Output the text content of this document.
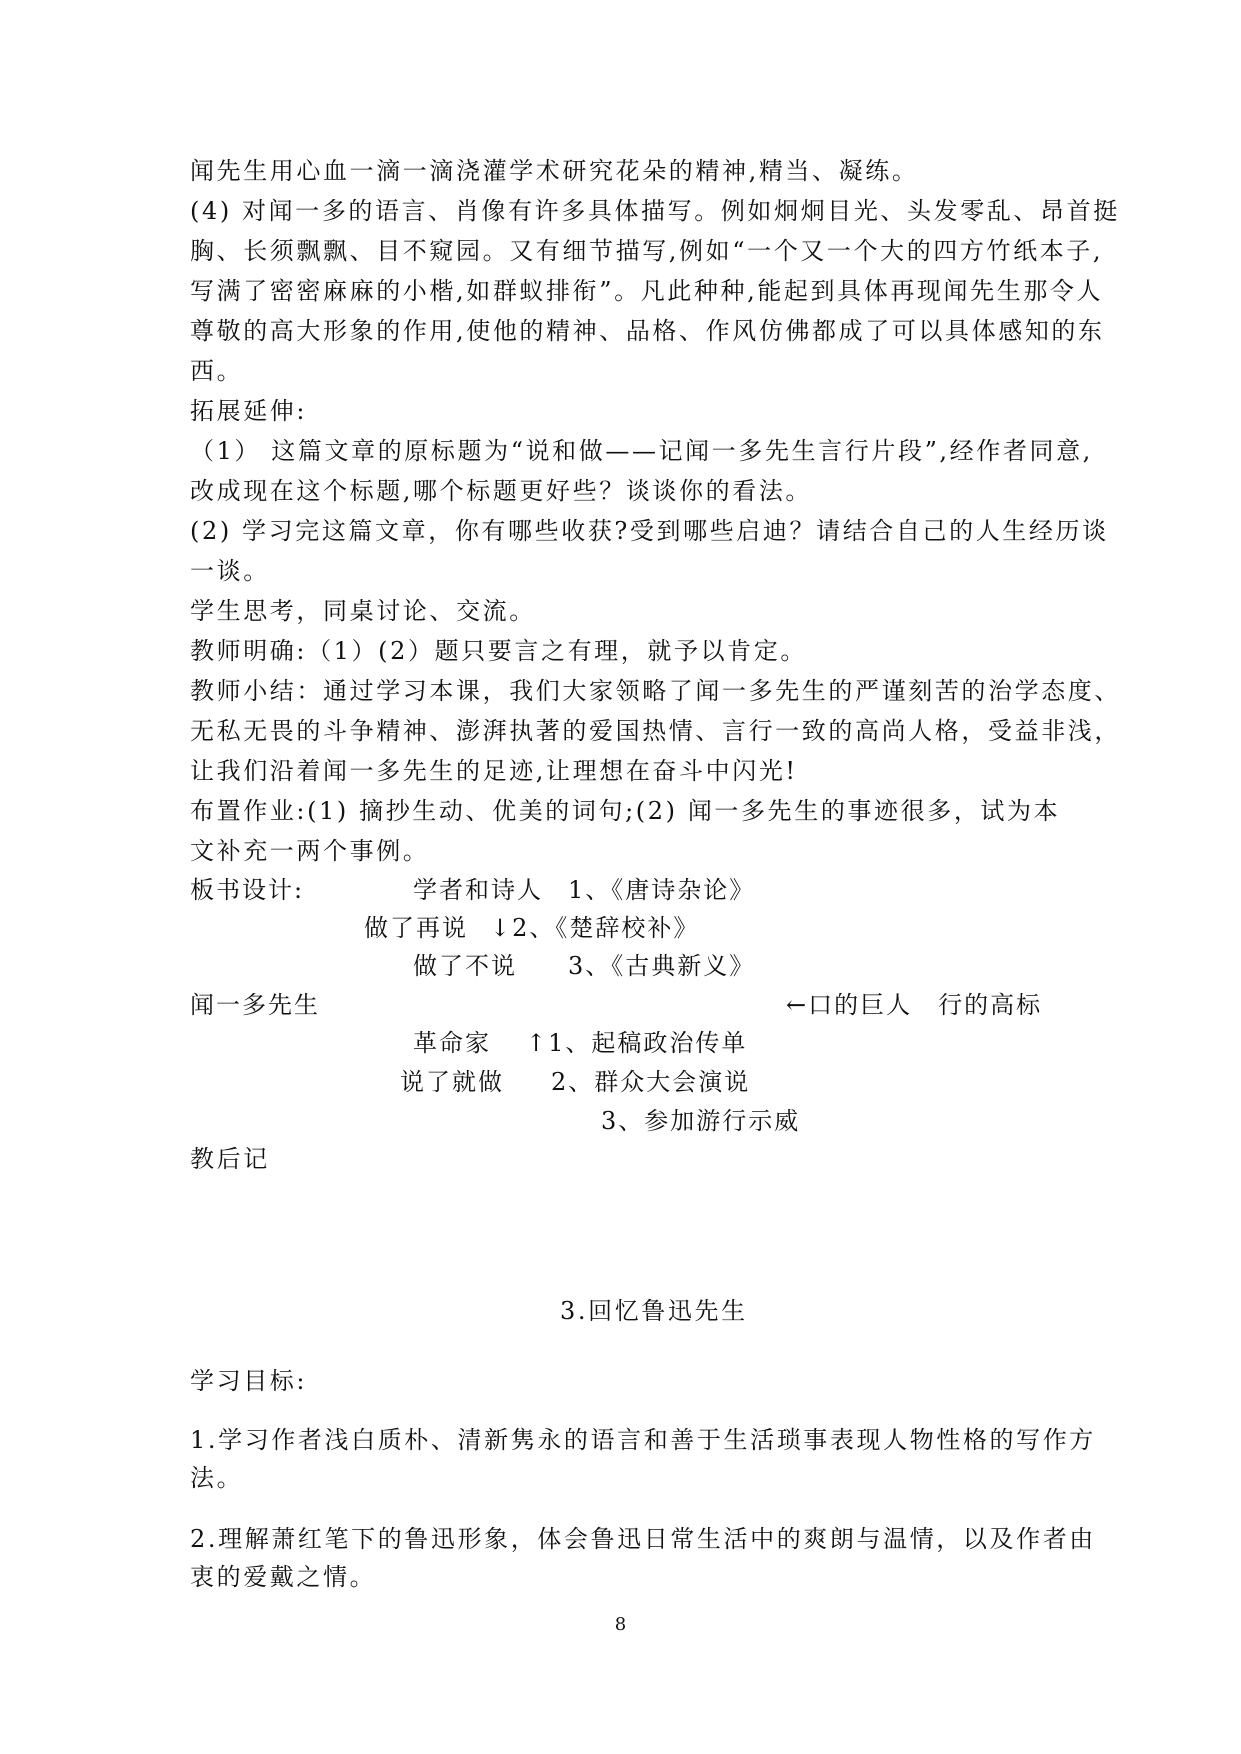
闻先生用心血一滴一滴浇灌学术研究花朵的精神,精当、凝练。
(4) 对闻一多的语言、肖像有许多具体描写。例如炯炯目光、头发零乱、昂首挺
胸、长须飘飘、目不窥园。又有细节描写,例如“一个又一个大的四方竹纸本子,
写满了密密麻麻的小楷,如群蚁排衔”。凡此种种,能起到具体再现闻先生那令人
尊敬的高大形象的作用,使他的精神、品格、作风仿佛都成了可以具体感知的东
西。
拓展延伸:
（1） 这篇文章的原标题为“说和做——记闻一多先生言行片段”,经作者同意,
改成现在这个标题,哪个标题更好些？谈谈你的看法。
(2) 学习完这篇文章，你有哪些收获?受到哪些启迪？请结合自己的人生经历谈
一谈。
学生思考，同桌讨论、交流。
教师明确:（1）(2）题只要言之有理，就予以肯定。
教师小结：通过学习本课，我们大家领略了闻一多先生的严谨刻苦的治学态度、
无私无畏的斗争精神、澎湃执著的爱国热情、言行一致的高尚人格，受益非浅，
让我们沿着闻一多先生的足迹,让理想在奋斗中闪光!
布置作业:(1) 摘抄生动、优美的词句;(2) 闻一多先生的事迹很多，试为本
文补充一两个事例。
板书设计:	学者和诗人 1、《唐诗杂论》
做了再说 ↓2、《楚辞校补》
做了不说 3、《古典新义》
闻一多先生	←口的巨人　行的高标
革命家 ↑1、起稿政治传单
说了就做 2、群众大会演说
3、参加游行示威
教后记
3.回忆鲁迅先生
学习目标:
1.学习作者浅白质朴、清新隽永的语言和善于生活琐事表现人物性格的写作方
法。
2.理解萧红笔下的鲁迅形象，体会鲁迅日常生活中的爽朗与温情，以及作者由
衷的爱戴之情。
8
